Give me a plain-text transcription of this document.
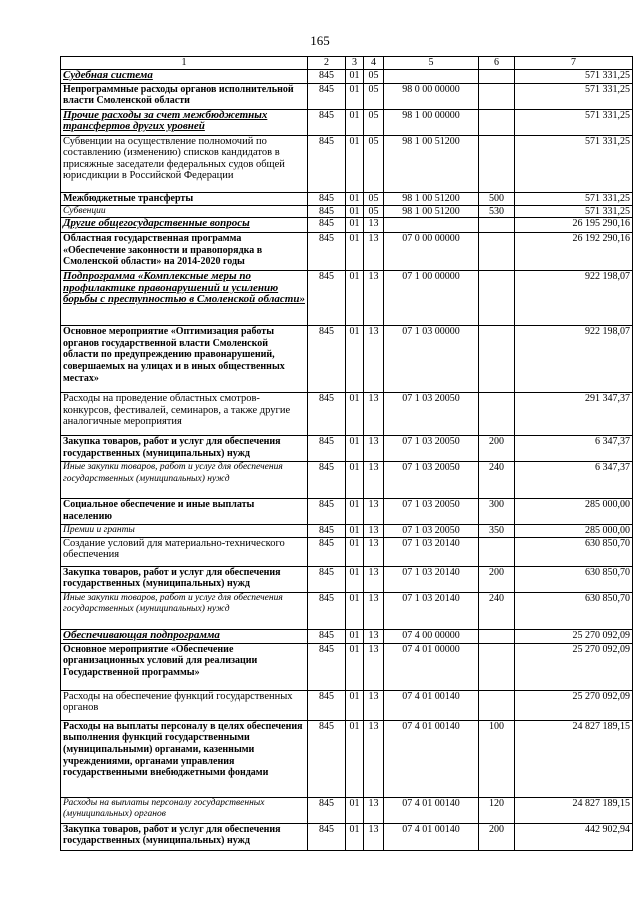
165
1	2	3	4	5	6	7
Судебная система	845	01	05			571 331,25
Непрограммные расходы органов исполнительной власти Смоленской области	845	01	05	98 0 00 00000		571 331,25
Прочие расходы за счет межбюджетных трансфертов других уровней	845	01	05	98 1 00 00000		571 331,25
Субвенции на осуществление полномочий по составлению (изменению) списков кандидатов в присяжные заседатели федеральных судов общей юрисдикции в Российской Федерации	845	01	05	98 1 00 51200		571 331,25
Межбюджетные трансферты	845	01	05	98 1 00 51200	500	571 331,25
Субвенции	845	01	05	98 1 00 51200	530	571 331,25
Другие общегосударственные вопросы	845	01	13			26 195 290,16
Областная государственная программа «Обеспечение законности и правопорядка в Смоленской области» на 2014-2020 годы	845	01	13	07 0 00 00000		26 192 290,16
Подпрограмма «Комплексные меры по профилактике правонарушений и усилению борьбы с преступностью в Смоленской области»	845	01	13	07 1 00 00000		922 198,07
Основное мероприятие «Оптимизация работы органов государственной власти Смоленской области по предупреждению правонарушений, совершаемых на улицах и в иных общественных местах»	845	01	13	07 1 03 00000		922 198,07
Расходы на проведение областных смотров-конкурсов, фестивалей, семинаров, а также другие аналогичные мероприятия	845	01	13	07 1 03 20050		291 347,37
Закупка товаров, работ и услуг для обеспечения государственных (муниципальных) нужд	845	01	13	07 1 03 20050	200	6 347,37
Иные закупки товаров, работ и услуг для обеспечения государственных (муниципальных) нужд	845	01	13	07 1 03 20050	240	6 347,37
Социальное обеспечение и иные выплаты населению	845	01	13	07 1 03 20050	300	285 000,00
Премии и гранты	845	01	13	07 1 03 20050	350	285 000,00
Создание условий для материально-технического обеспечения	845	01	13	07 1 03 20140		630 850,70
Закупка товаров, работ и услуг для обеспечения государственных (муниципальных) нужд	845	01	13	07 1 03 20140	200	630 850,70
Иные закупки товаров, работ и услуг для обеспечения государственных (муниципальных) нужд	845	01	13	07 1 03 20140	240	630 850,70
Обеспечивающая подпрограмма	845	01	13	07 4 00 00000		25 270 092,09
Основное мероприятие «Обеспечение организационных условий для реализации Государственной программы»	845	01	13	07 4 01 00000		25 270 092,09
Расходы на обеспечение функций государственных органов	845	01	13	07 4 01 00140		25 270 092,09
Расходы на выплаты персоналу в целях обеспечения выполнения функций государственными (муниципальными) органами, казенными учреждениями, органами управления государственными внебюджетными фондами	845	01	13	07 4 01 00140	100	24 827 189,15
Расходы на выплаты персоналу государственных (муниципальных) органов	845	01	13	07 4 01 00140	120	24 827 189,15
Закупка товаров, работ и услуг для обеспечения государственных (муниципальных) нужд	845	01	13	07 4 01 00140	200	442 902,94
